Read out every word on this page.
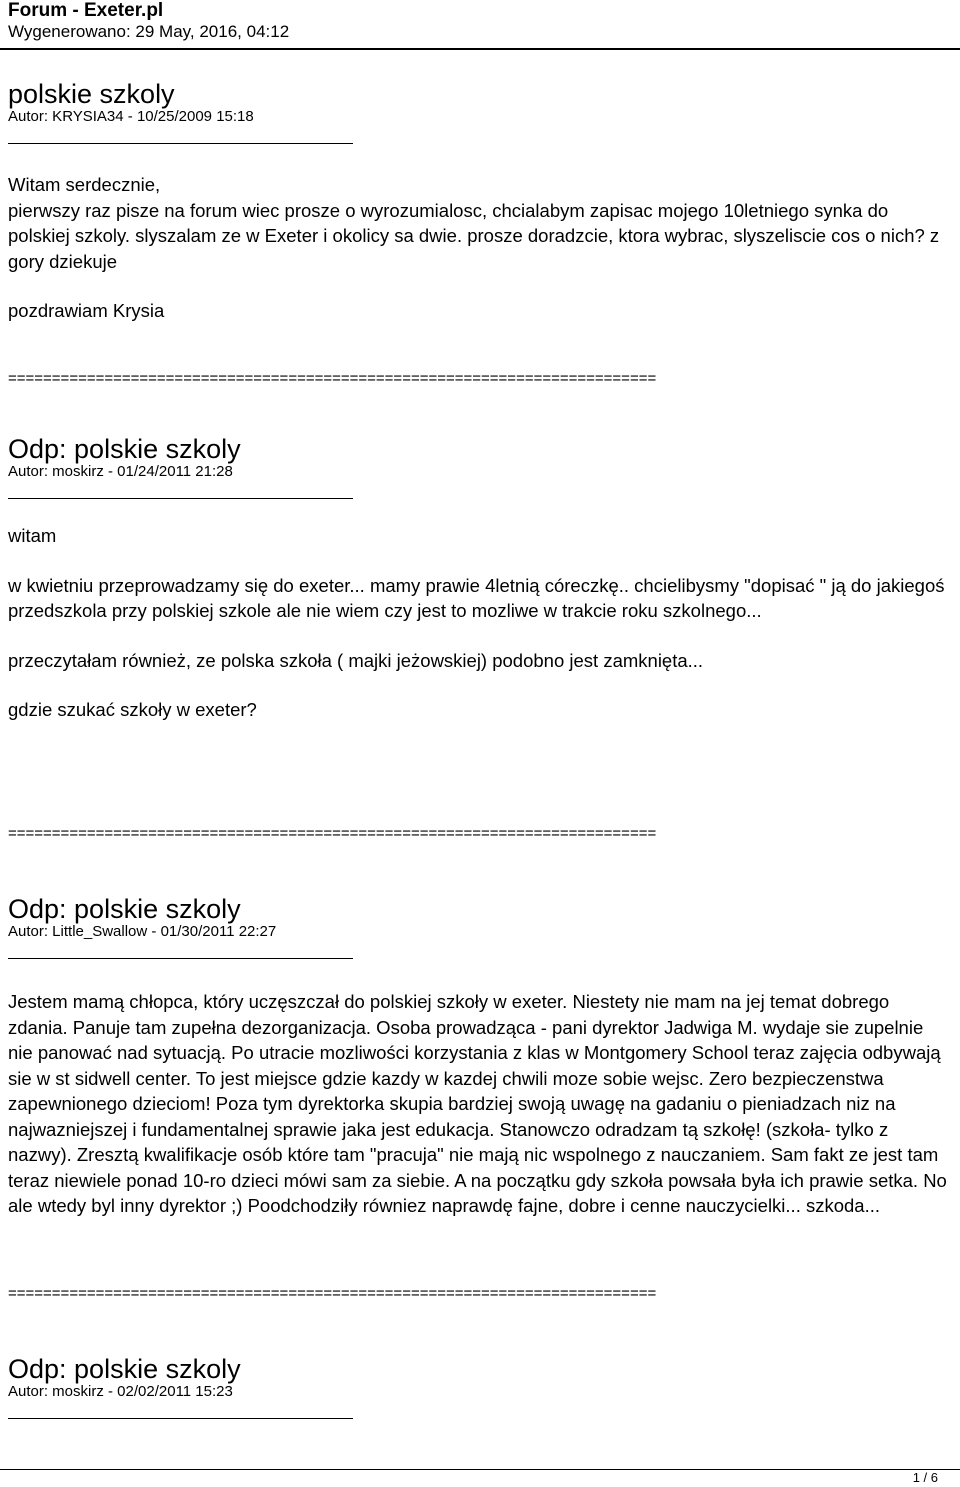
Forum - Exeter.pl
Wygenerowano: 29 May, 2016, 04:12
polskie szkoly
Autor: KRYSIA34 - 10/25/2009 15:18
Witam serdecznie,
pierwszy raz pisze na forum wiec prosze o wyrozumialosc, chcialabym zapisac mojego 10letniego synka do polskiej szkoly. slyszalam ze w Exeter i okolicy sa dwie. prosze doradzcie, ktora wybrac, slyszeliscie cos o nich? z gory dziekuje
pozdrawiam Krysia
==========================================================================
Odp: polskie szkoly
Autor: moskirz - 01/24/2011 21:28
witam
w kwietniu przeprowadzamy się do exeter... mamy prawie 4letnią córeczkę.. chcielibysmy "dopisać " ją do jakiegoś przedszkola przy polskiej szkole ale nie wiem czy jest to mozliwe w trakcie roku szkolnego...
przeczytałam również, ze polska szkoła ( majki jeżowskiej) podobno jest zamknięta...
gdzie szukać szkoły w exeter?
==========================================================================
Odp: polskie szkoly
Autor: Little_Swallow - 01/30/2011 22:27
Jestem mamą chłopca, który uczęszczał do polskiej szkoły w exeter. Niestety nie mam na jej temat dobrego zdania. Panuje tam zupełna dezorganizacja. Osoba prowadząca - pani dyrektor Jadwiga M. wydaje sie zupelnie nie panować nad sytuacją. Po utracie mozliwości korzystania z klas w Montgomery School teraz zajęcia odbywają sie w st sidwell center. To jest miejsce gdzie kazdy w kazdej chwili moze sobie wejsc. Zero bezpieczenstwa zapewnionego dzieciom! Poza tym dyrektorka skupia bardziej swoją uwagę na gadaniu o pieniadzach niz na najwazniejszej i fundamentalnej sprawie jaka jest edukacja. Stanowczo odradzam tą szkołę! (szkoła- tylko z nazwy). Zresztą kwalifikacje osób które tam "pracuja" nie mają nic wspolnego z nauczaniem. Sam fakt ze jest tam teraz niewiele ponad 10-ro dzieci mówi sam za siebie. A na początku gdy szkoła powsała była ich prawie setka. No ale wtedy byl inny dyrektor ;) Poodchodziły równiez naprawdę fajne, dobre i cenne nauczycielki... szkoda...
==========================================================================
Odp: polskie szkoly
Autor: moskirz - 02/02/2011 15:23
1 / 6
